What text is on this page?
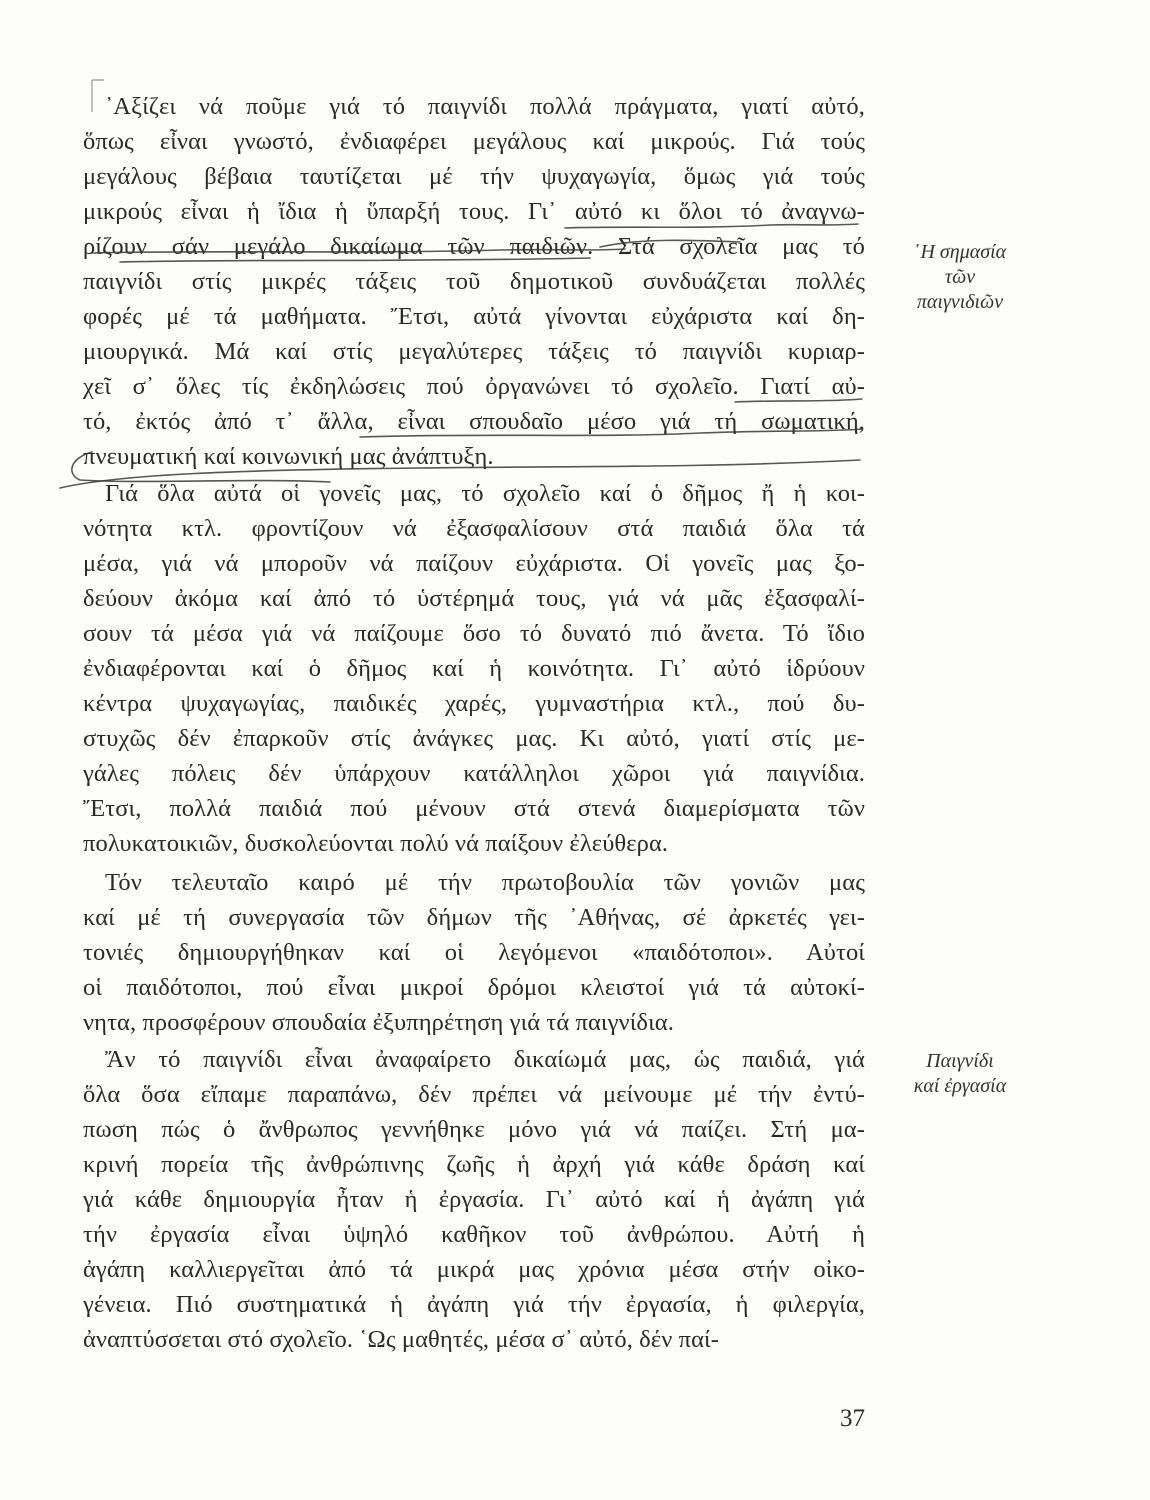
᾿Αξίζει νά ποῦμε γιά τό παιγνίδι πολλά πράγματα, γιατί αὐτό,
ὅπως εἶναι γνωστό, ἐνδιαφέρει μεγάλους καί μικρούς. Γιά τούς
μεγάλους βέβαια ταυτίζεται μέ τήν ψυχαγωγία, ὅμως γιά τούς
μικρούς εἶναι ἡ ἴδια ἡ ὕπαρξή τους. Γι᾿ αὐτό κι ὅλοι τό ἀναγνω-
ρίζουν σάν μεγάλο δικαίωμα τῶν παιδιῶν. Στά σχολεῖα μας τό
παιγνίδι στίς μικρές τάξεις τοῦ δημοτικοῦ συνδυάζεται πολλές
φορές μέ τά μαθήματα. Ἔτσι, αὐτά γίνονται εὐχάριστα καί δη-
μιουργικά. Μά καί στίς μεγαλύτερες τάξεις τό παιγνίδι κυριαρ-
χεῖ σ᾿ ὅλες τίς ἐκδηλώσεις πού ὀργανώνει τό σχολεῖο. Γιατί αὐ-
τό, ἐκτός ἀπό τ᾿ ἄλλα, εἶναι σπουδαῖο μέσο γιά τή σωματική,
πνευματική καί κοινωνική μας ἀνάπτυξη.
Γιά ὅλα αὐτά οἱ γονεῖς μας, τό σχολεῖο καί ὁ δῆμος ἤ ἡ κοι-
νότητα κτλ. φροντίζουν νά ἐξασφαλίσουν στά παιδιά ὅλα τά
μέσα, γιά νά μποροῦν νά παίζουν εὐχάριστα. Οἱ γονεῖς μας ξο-
δεύουν ἀκόμα καί ἀπό τό ὑστέρημά τους, γιά νά μᾶς ἐξασφαλί-
σουν τά μέσα γιά νά παίζουμε ὅσο τό δυνατό πιό ἄνετα. Τό ἴδιο
ἐνδιαφέρονται καί ὁ δῆμος καί ἡ κοινότητα. Γι᾿ αὐτό ἱδρύουν
κέντρα ψυχαγωγίας, παιδικές χαρές, γυμναστήρια κτλ., πού δυ-
στυχῶς δέν ἐπαρκοῦν στίς ἀνάγκες μας. Κι αὐτό, γιατί στίς με-
γάλες πόλεις δέν ὑπάρχουν κατάλληλοι χῶροι γιά παιγνίδια.
Ἔτσι, πολλά παιδιά πού μένουν στά στενά διαμερίσματα τῶν
πολυκατοικιῶν, δυσκολεύονται πολύ νά παίξουν ἐλεύθερα.
Τόν τελευταῖο καιρό μέ τήν πρωτοβουλία τῶν γονιῶν μας
καί μέ τή συνεργασία τῶν δήμων τῆς ᾿Αθήνας, σέ ἀρκετές γει-
τονιές δημιουργήθηκαν καί οἱ λεγόμενοι «παιδότοποι». Αὐτοί
οἱ παιδότοποι, πού εἶναι μικροί δρόμοι κλειστοί γιά τά αὐτοκί-
νητα, προσφέρουν σπουδαία ἐξυπηρέτηση γιά τά παιγνίδια.
Ἄν τό παιγνίδι εἶναι ἀναφαίρετο δικαίωμά μας, ὡς παιδιά, γιά
ὅλα ὅσα εἴπαμε παραπάνω, δέν πρέπει νά μείνουμε μέ τήν ἐντύ-
πωση πώς ὁ ἄνθρωπος γεννήθηκε μόνο γιά νά παίζει. Στή μα-
κρινή πορεία τῆς ἀνθρώπινης ζωῆς ἡ ἀρχή γιά κάθε δράση καί
γιά κάθε δημιουργία ἦταν ἡ ἐργασία. Γι᾿ αὐτό καί ἡ ἀγάπη γιά
τήν ἐργασία εἶναι ὑψηλό καθῆκον τοῦ ἀνθρώπου. Αὐτή ἡ
ἀγάπη καλλιεργεῖται ἀπό τά μικρά μας χρόνια μέσα στήν οἰκο-
γένεια. Πιό συστηματικά ἡ ἀγάπη γιά τήν ἐργασία, ἡ φιλεργία,
ἀναπτύσσεται στό σχολεῖο. ῾Ως μαθητές, μέσα σ᾿ αὐτό, δέν παί-
῾Η σημασία
τῶν
παιγνιδιῶν
Παιγνίδι
καί ἐργασία
37
